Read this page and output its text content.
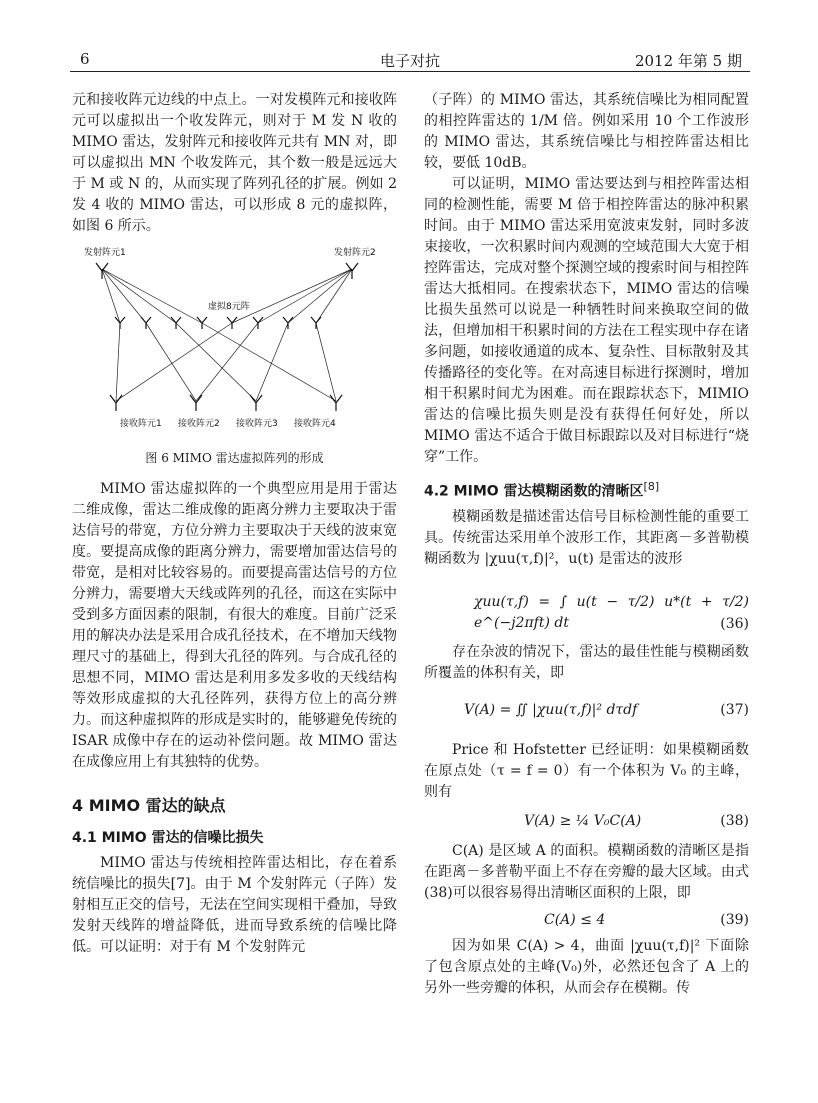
6	电子对抗	2012 年第 5 期

元和接收阵元边线的中点上。一对发模阵元和接收阵元可以虚拟出一个收发阵元，则对于 M 发 N 收的 MIMO 雷达，发射阵元和接收阵元共有 MN 对，即可以虚拟出 MN 个收发阵元，其个数一般是远远大于 M 或 N 的，从而实现了阵列孔径的扩展。例如 2 发 4 收的 MIMO 雷达，可以形成 8 元的虚拟阵，如图 6 所示。

发射阵元1	发射阵元2
虚拟8元阵
接收阵元1 接收阵元2 接收阵元3 接收阵元4
图 6 MIMO 雷达虚拟阵列的形成

MIMO 雷达虚拟阵的一个典型应用是用于雷达二维成像，雷达二维成像的距离分辨力主要取决于雷达信号的带宽，方位分辨力主要取决于天线的波束宽度。要提高成像的距离分辨力，需要增加雷达信号的带宽，是相对比较容易的。而要提高雷达信号的方位分辨力，需要增大天线或阵列的孔径，而这在实际中受到多方面因素的限制，有很大的难度。目前广泛采用的解决办法是采用合成孔径技术，在不增加天线物理尺寸的基础上，得到大孔径的阵列。与合成孔径的思想不同，MIMO 雷达是利用多发多收的天线结构等效形成虚拟的大孔径阵列，获得方位上的高分辨力。而这种虚拟阵的形成是实时的，能够避免传统的 ISAR 成像中存在的运动补偿问题。故 MIMO 雷达在成像应用上有其独特的优势。

4 MIMO 雷达的缺点
4.1 MIMO 雷达的信噪比损失

MIMO 雷达与传统相控阵雷达相比，存在着系统信噪比的损失[7]。由于 M 个发射阵元（子阵）发射相互正交的信号，无法在空间实现相干叠加，导致发射天线阵的增益降低，进而导致系统的信噪比降低。可以证明：对于有 M 个发射阵元

（子阵）的 MIMO 雷达，其系统信噪比为相同配置的相控阵雷达的 1/M 倍。例如采用 10 个工作波形的 MIMO 雷达，其系统信噪比与相控阵雷达相比较，要低 10dB。

可以证明，MIMO 雷达要达到与相控阵雷达相同的检测性能，需要 M 倍于相控阵雷达的脉冲积累时间。由于 MIMO 雷达采用宽波束发射，同时多波束接收，一次积累时间内观测的空域范围大大宽于相控阵雷达，完成对整个探测空域的搜索时间与相控阵雷达大抵相同。在搜索状态下，MIMO 雷达的信噪比损失虽然可以说是一种牺牲时间来换取空间的做法，但增加相干积累时间的方法在工程实现中存在诸多问题，如接收通道的成本、复杂性、目标散射及其传播路径的变化等。在对高速目标进行探测时，增加相干积累时间尤为困难。而在跟踪状态下，MIMIO 雷达的信噪比损失则是没有获得任何好处，所以 MIMO 雷达不适合于做目标跟踪以及对目标进行“烧穿”工作。

4.2 MIMO 雷达模糊函数的清晰区[8]

模糊函数是描述雷达信号目标检测性能的重要工具。传统雷达采用单个波形工作，其距离－多普勒模糊函数为 |χuu(τ,f)|²，u(t) 是雷达的波形

χuu(τ,f) = ∫ u(t − τ/2) u*(t + τ/2) e^(−j2πft) dt	(36)

存在杂波的情况下，雷达的最佳性能与模糊函数所覆盖的体积有关，即

V(A) = ∬ |χuu(τ,f)|² dτdf	(37)

Price 和 Hofstetter 已经证明：如果模糊函数在原点处（τ = f = 0）有一个体积为 V₀ 的主峰，则有

V(A) ≥ ¼ V₀C(A)	(38)

C(A) 是区域 A 的面积。模糊函数的清晰区是指在距离－多普勒平面上不存在旁瓣的最大区域。由式(38)可以很容易得出清晰区面积的上限，即

C(A) ≤ 4	(39)

因为如果 C(A) > 4，曲面 |χuu(τ,f)|² 下面除了包含原点处的主峰(V₀)外，必然还包含了 A 上的另外一些旁瓣的体积，从而会存在模糊。传
